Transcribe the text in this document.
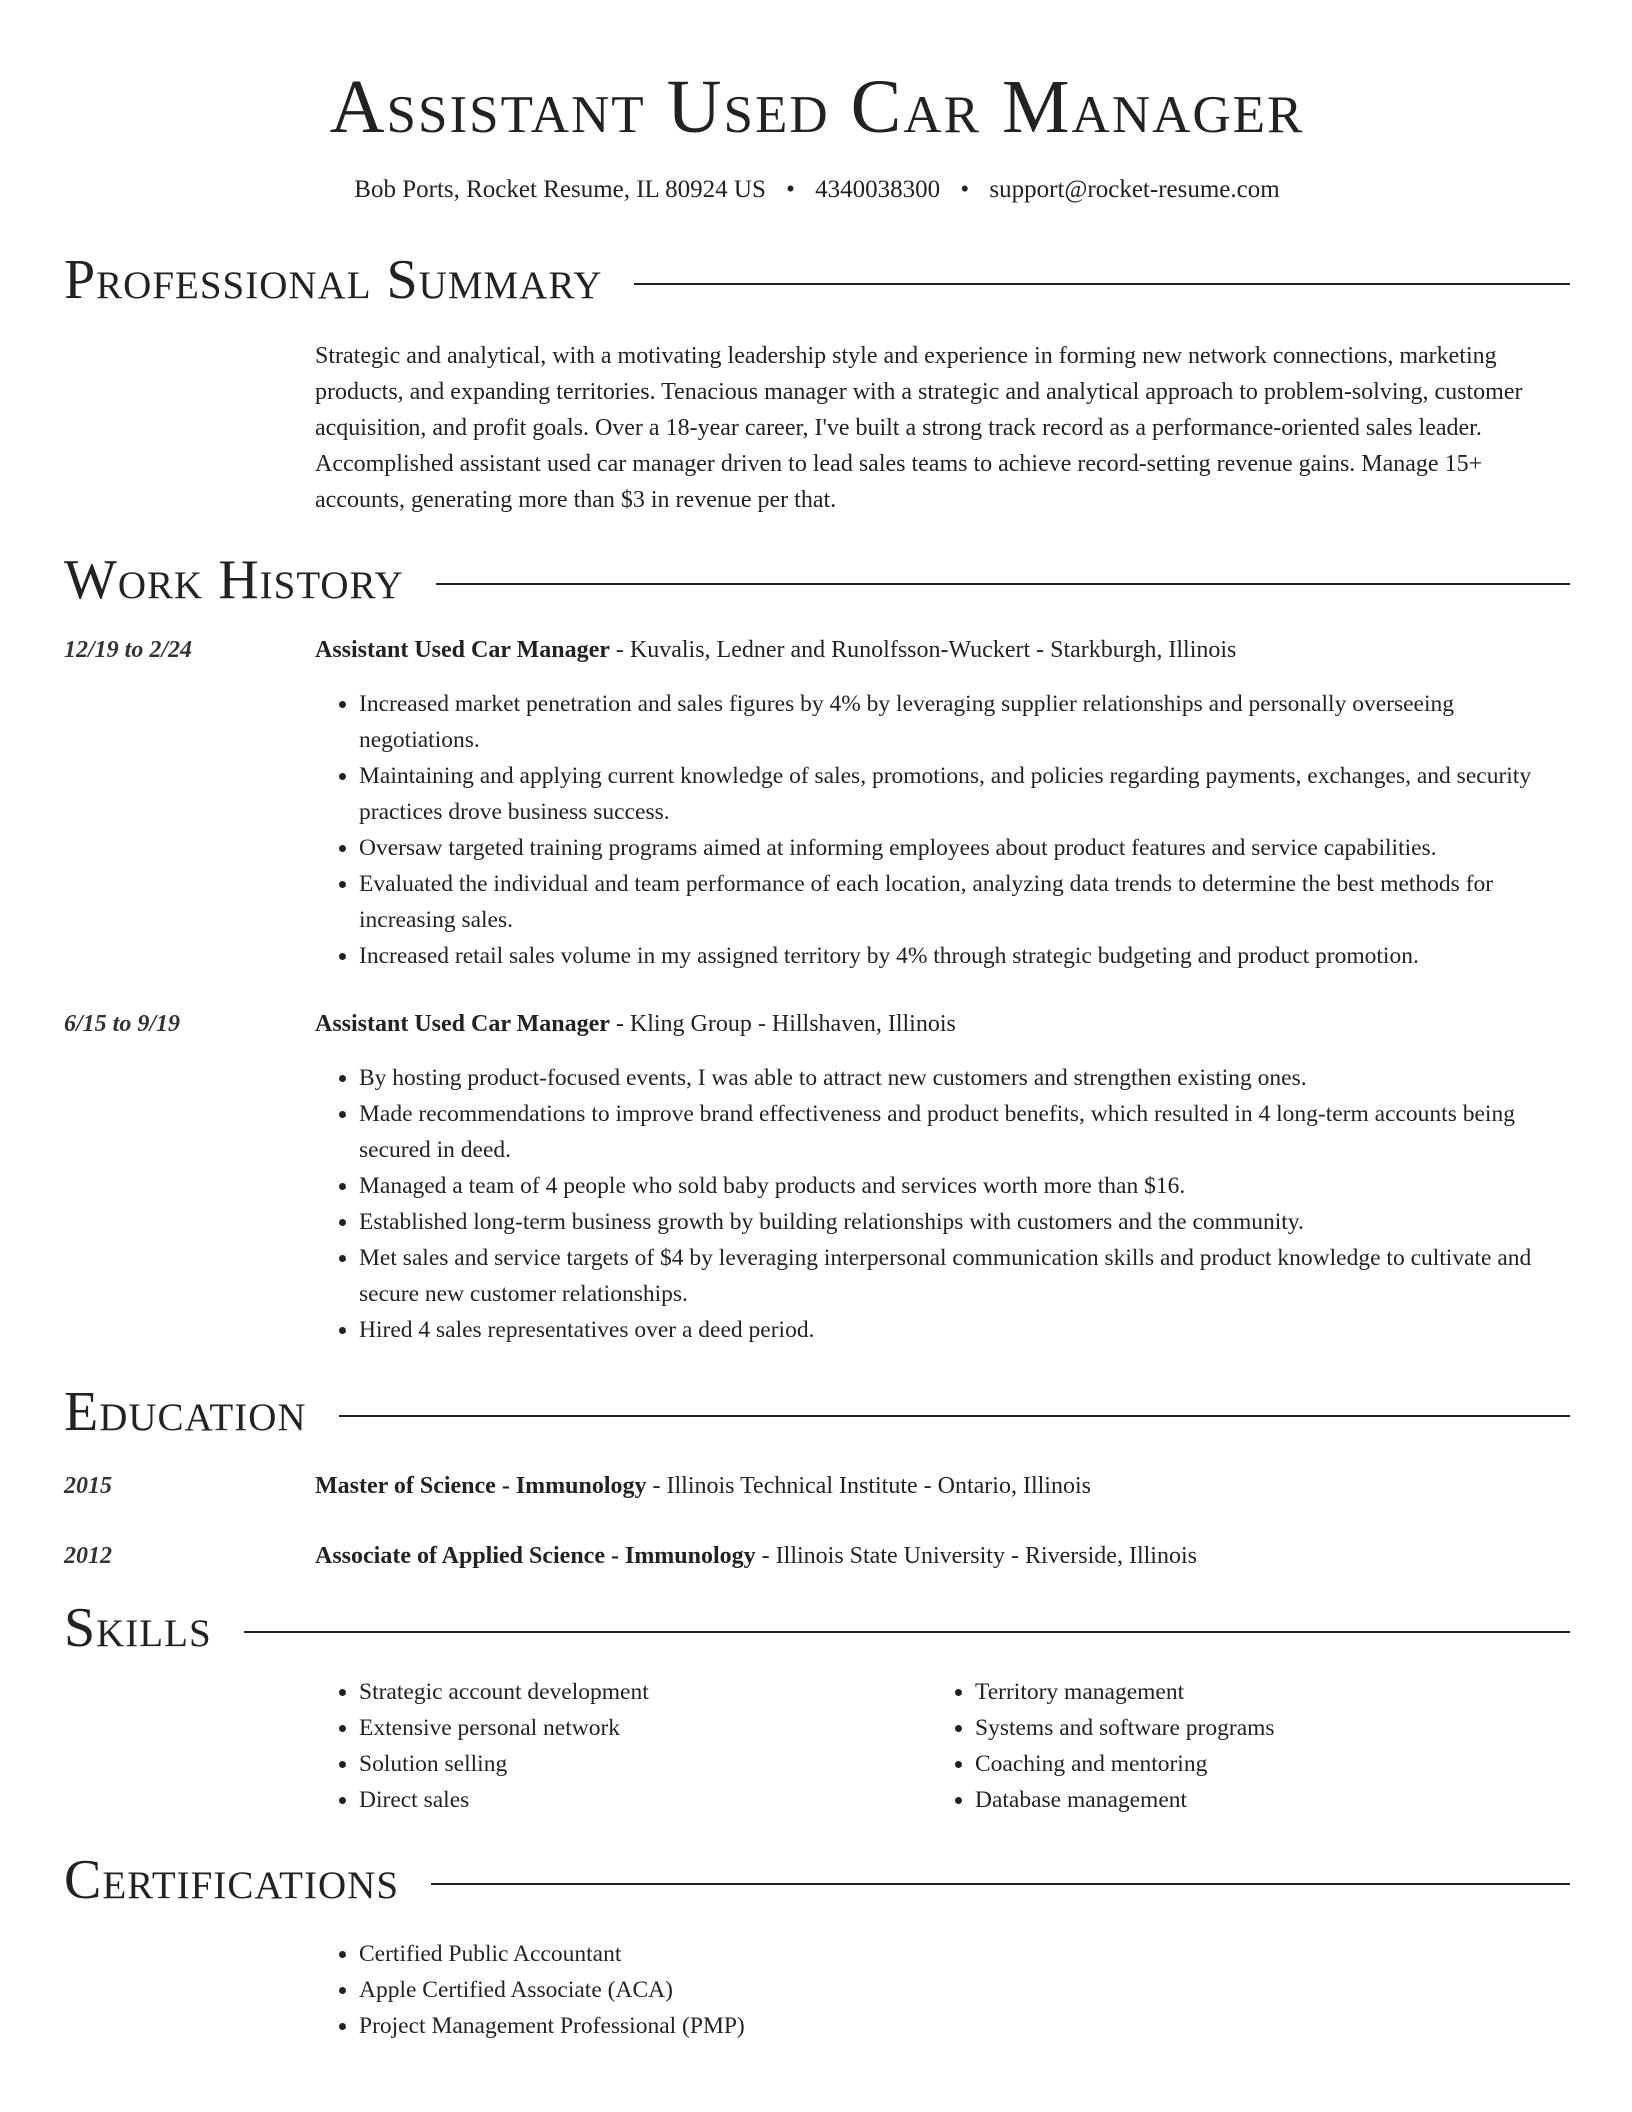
Assistant Used Car Manager
Bob Ports, Rocket Resume, IL 80924 US • 4340038300 • support@rocket-resume.com
Professional Summary
Strategic and analytical, with a motivating leadership style and experience in forming new network connections, marketing products, and expanding territories. Tenacious manager with a strategic and analytical approach to problem-solving, customer acquisition, and profit goals. Over a 18-year career, I've built a strong track record as a performance-oriented sales leader. Accomplished assistant used car manager driven to lead sales teams to achieve record-setting revenue gains. Manage 15+ accounts, generating more than $3 in revenue per that.
Work History
12/19 to 2/24	Assistant Used Car Manager - Kuvalis, Ledner and Runolfsson-Wuckert - Starkburgh, Illinois
• Increased market penetration and sales figures by 4% by leveraging supplier relationships and personally overseeing negotiations.
• Maintaining and applying current knowledge of sales, promotions, and policies regarding payments, exchanges, and security practices drove business success.
• Oversaw targeted training programs aimed at informing employees about product features and service capabilities.
• Evaluated the individual and team performance of each location, analyzing data trends to determine the best methods for increasing sales.
• Increased retail sales volume in my assigned territory by 4% through strategic budgeting and product promotion.
6/15 to 9/19	Assistant Used Car Manager - Kling Group - Hillshaven, Illinois
• By hosting product-focused events, I was able to attract new customers and strengthen existing ones.
• Made recommendations to improve brand effectiveness and product benefits, which resulted in 4 long-term accounts being secured in deed.
• Managed a team of 4 people who sold baby products and services worth more than $16.
• Established long-term business growth by building relationships with customers and the community.
• Met sales and service targets of $4 by leveraging interpersonal communication skills and product knowledge to cultivate and secure new customer relationships.
• Hired 4 sales representatives over a deed period.
Education
2015	Master of Science - Immunology - Illinois Technical Institute - Ontario, Illinois
2012	Associate of Applied Science - Immunology - Illinois State University - Riverside, Illinois
Skills
• Strategic account development
• Extensive personal network
• Solution selling
• Direct sales
• Territory management
• Systems and software programs
• Coaching and mentoring
• Database management
Certifications
• Certified Public Accountant
• Apple Certified Associate (ACA)
• Project Management Professional (PMP)
